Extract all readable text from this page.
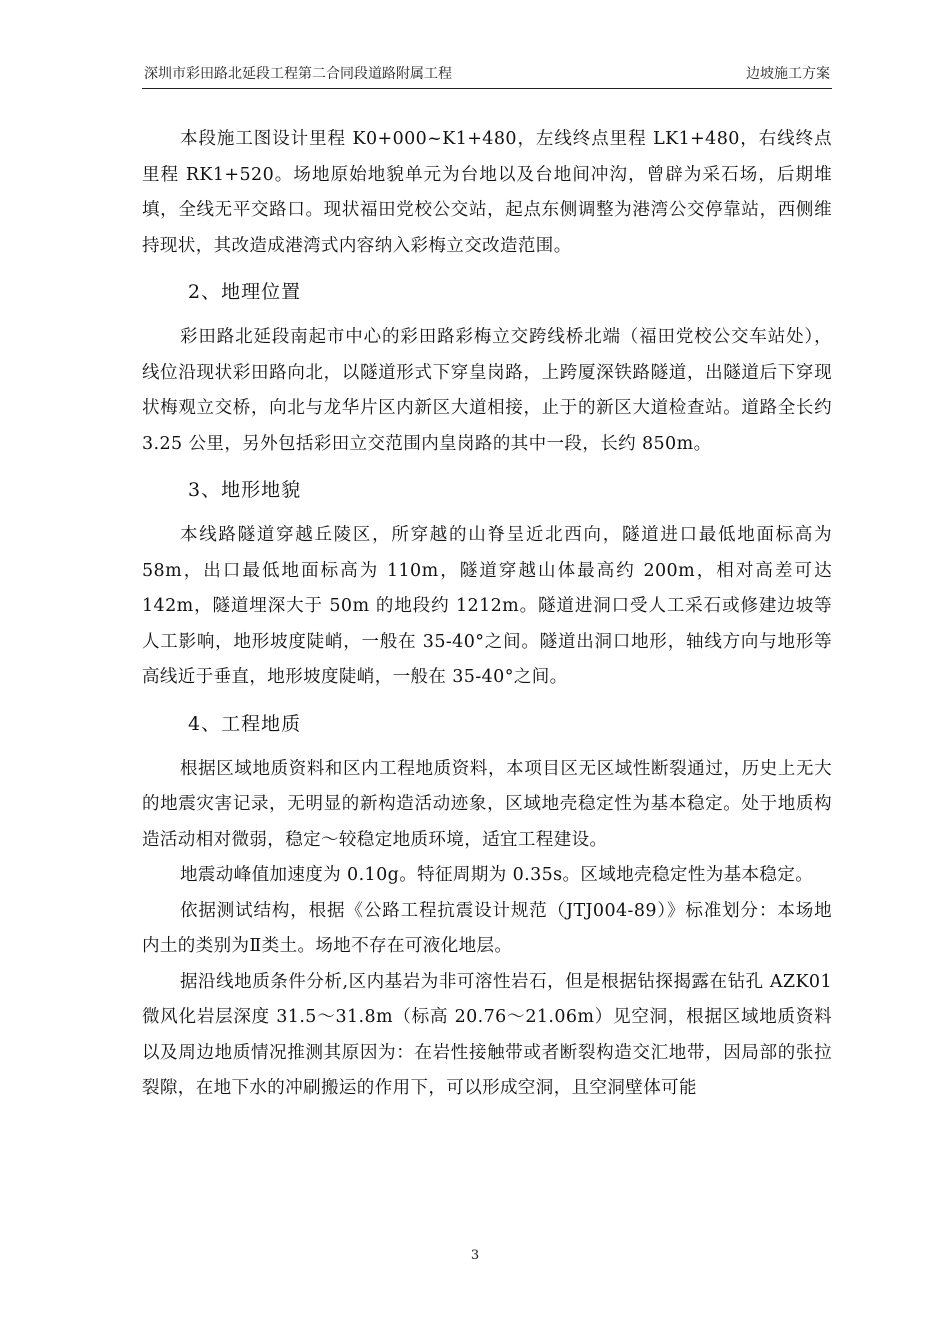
深圳市彩田路北延段工程第二合同段道路附属工程	边坡施工方案

本段施工图设计里程 K0+000~K1+480，左线终点里程 LK1+480，右线终点里程 RK1+520。场地原始地貌单元为台地以及台地间冲沟，曾辟为采石场，后期堆填，全线无平交路口。现状福田党校公交站，起点东侧调整为港湾公交停靠站，西侧维持现状，其改造成港湾式内容纳入彩梅立交改造范围。

2、地理位置

彩田路北延段南起市中心的彩田路彩梅立交跨线桥北端（福田党校公交车站处），线位沿现状彩田路向北，以隧道形式下穿皇岗路，上跨厦深铁路隧道，出隧道后下穿现状梅观立交桥，向北与龙华片区内新区大道相接，止于的新区大道检查站。道路全长约 3.25 公里，另外包括彩田立交范围内皇岗路的其中一段，长约 850m。

3、地形地貌

本线路隧道穿越丘陵区，所穿越的山脊呈近北西向，隧道进口最低地面标高为 58m，出口最低地面标高为 110m，隧道穿越山体最高约 200m，相对高差可达 142m，隧道埋深大于 50m 的地段约 1212m。隧道进洞口受人工采石或修建边坡等人工影响，地形坡度陡峭，一般在 35-40°之间。隧道出洞口地形，轴线方向与地形等高线近于垂直，地形坡度陡峭，一般在 35-40°之间。

4、工程地质

根据区域地质资料和区内工程地质资料，本项目区无区域性断裂通过，历史上无大的地震灾害记录，无明显的新构造活动迹象，区域地壳稳定性为基本稳定。处于地质构造活动相对微弱，稳定～较稳定地质环境，适宜工程建设。

地震动峰值加速度为 0.10g。特征周期为 0.35s。区域地壳稳定性为基本稳定。

依据测试结构，根据《公路工程抗震设计规范（JTJ004-89）》标准划分：本场地内土的类别为Ⅱ类土。场地不存在可液化地层。

据沿线地质条件分析,区内基岩为非可溶性岩石，但是根据钻探揭露在钻孔 AZK01 微风化岩层深度 31.5～31.8m（标高 20.76～21.06m）见空洞，根据区域地质资料以及周边地质情况推测其原因为：在岩性接触带或者断裂构造交汇地带，因局部的张拉裂隙，在地下水的冲刷搬运的作用下，可以形成空洞，且空洞壁体可能

3
